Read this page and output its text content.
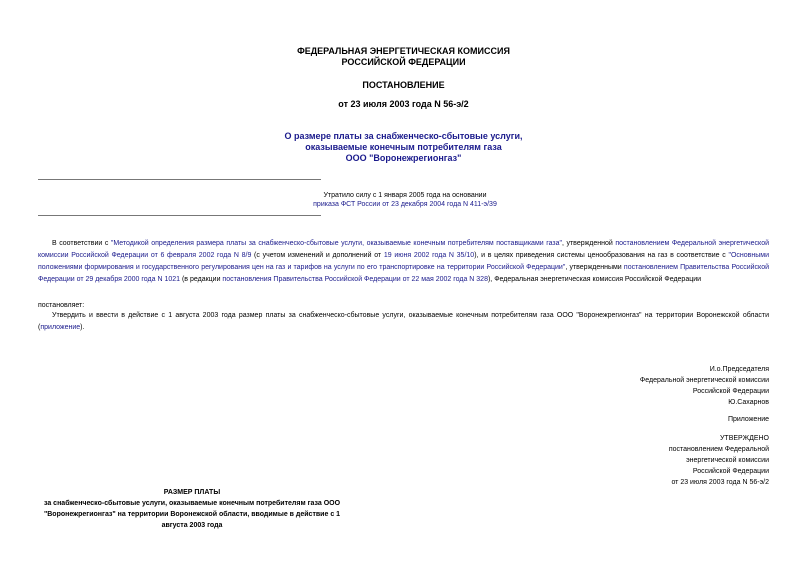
ФЕДЕРАЛЬНАЯ ЭНЕРГЕТИЧЕСКАЯ КОМИССИЯ
РОССИЙСКОЙ ФЕДЕРАЦИИ
ПОСТАНОВЛЕНИЕ
от 23 июля 2003 года N 56-э/2
О размере платы за снабженческо-сбытовые услуги,
оказываемые конечным потребителям газа
ООО "Воронежрегионгаз"
Утратило силу с 1 января 2005 года на основании
приказа ФСТ России от 23 декабря 2004 года N 411-э/39
В соответствии с "Методикой определения размера платы за снабженческо-сбытовые услуги, оказываемые конечным потребителям поставщиками газа", утвержденной постановлением Федеральной энергетической комиссии Российской Федерации от 6 февраля 2002 года N 8/9 (с учетом изменений и дополнений от 19 июня 2002 года N 35/10), и в целях приведения системы ценообразования на газ в соответствие с "Основными положениями формирования и государственного регулирования цен на газ и тарифов на услуги по его транспортировке на территории Российской Федерации", утвержденными постановлением Правительства Российской Федерации от 29 декабря 2000 года N 1021 (в редакции постановления Правительства Российской Федерации от 22 мая 2002 года N 328), Федеральная энергетическая комиссия Российской Федерации
постановляет:
Утвердить и ввести в действие с 1 августа 2003 года размер платы за снабженческо-сбытовые услуги, оказываемые конечным потребителям газа ООО "Воронежрегионгаз" на территории Воронежской области (приложение).
И.о.Председателя
Федеральной энергетической комиссии
Российской Федерации
Ю.Сахарнов
Приложение
УТВЕРЖДЕНО
постановлением Федеральной
энергетической комиссии
Российской Федерации
от 23 июля 2003 года N 56-э/2
РАЗМЕР ПЛАТЫ
за снабженческо-сбытовые услуги, оказываемые конечным потребителям газа ООО
"Воронежрегионгаз" на территории Воронежской области, вводимые в действие с 1
августа 2003 года
